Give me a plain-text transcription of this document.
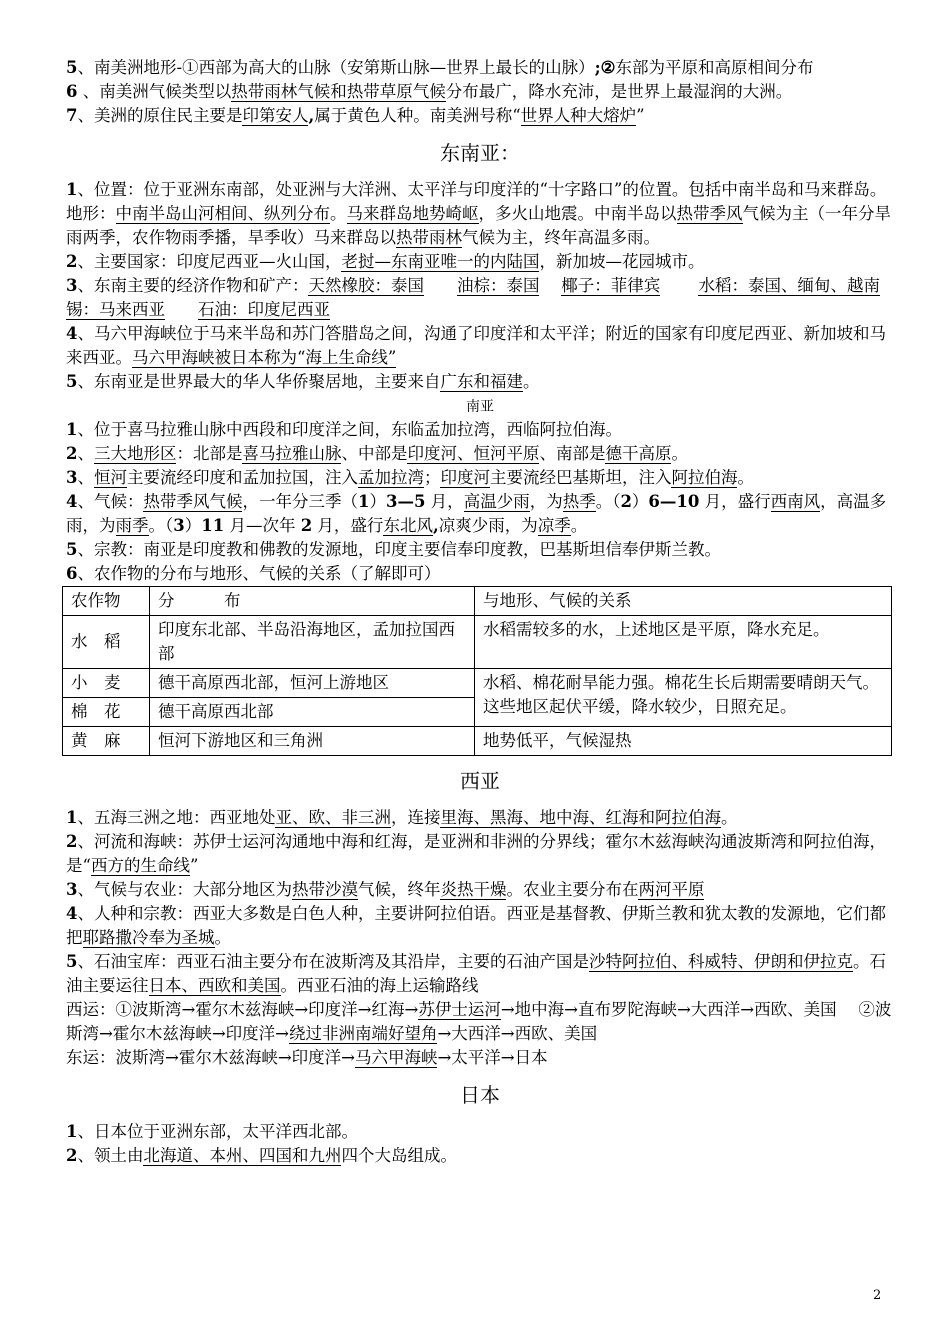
5、南美洲地形-①西部为高大的山脉（安第斯山脉—世界上最长的山脉）;②东部为平原和高原相间分布

6 、南美洲气候类型以热带雨林气候和热带草原气候分布最广，降水充沛，是世界上最湿润的大洲。

7、美洲的原住民主要是印第安人,属于黄色人种。南美洲号称“世界人种大熔炉”

东南亚：

1、位置：位于亚洲东南部，处亚洲与大洋洲、太平洋与印度洋的“十字路口”的位置。包括中南半岛和马来群岛。地形：中南半岛山河相间、纵列分布。马来群岛地势崎岖，多火山地震。中南半岛以热带季风气候为主（一年分旱雨两季，农作物雨季播，旱季收）马来群岛以热带雨林气候为主，终年高温多雨。

2、主要国家：印度尼西亚—火山国，老挝—东南亚唯一的内陆国，新加坡—花园城市。

3、东南主要的经济作物和矿产：天然橡胶：泰国　　 油棕：泰国　 椰子：菲律宾　　 水稻：泰国、缅甸、越南　　　　锡：马来西亚　　 石油：印度尼西亚

4、马六甲海峡位于马来半岛和苏门答腊岛之间，沟通了印度洋和太平洋；附近的国家有印度尼西亚、新加坡和马来西亚。马六甲海峡被日本称为“海上生命线”

5、东南亚是世界最大的华人华侨聚居地，主要来自广东和福建。

南亚

1、位于喜马拉雅山脉中西段和印度洋之间，东临孟加拉湾，西临阿拉伯海。

2、三大地形区：北部是喜马拉雅山脉、中部是印度河、恒河平原、南部是德干高原。

3、恒河主要流经印度和孟加拉国，注入孟加拉湾；印度河主要流经巴基斯坦，注入阿拉伯海。

4、气候：热带季风气候，一年分三季（1）3—5 月，高温少雨，为热季。（2）6—10 月，盛行西南风，高温多雨，为雨季。（3）11 月—次年 2 月，盛行东北风,凉爽少雨，为凉季。

5、宗教：南亚是印度教和佛教的发源地，印度主要信奉印度教，巴基斯坦信奉伊斯兰教。

6、农作物的分布与地形、气候的关系（了解即可）

农作物	分　　　布	与地形、气候的关系
水　稻	印度东北部、半岛沿海地区，孟加拉国西部	水稻需较多的水，上述地区是平原，降水充足。
小　麦	德干高原西北部，恒河上游地区	水稻、棉花耐旱能力强。棉花生长后期需要晴朗天气。这些地区起伏平缓，降水较少，日照充足。
棉　花	德干高原西北部	
黄　麻	恒河下游地区和三角洲	地势低平，气候湿热
西亚

1、五海三洲之地：西亚地处亚、欧、非三洲，连接里海、黑海、地中海、红海和阿拉伯海。

2、河流和海峡：苏伊士运河沟通地中海和红海，是亚洲和非洲的分界线；霍尔木兹海峡沟通波斯湾和阿拉伯海，是“西方的生命线”

3、气候与农业：大部分地区为热带沙漠气候，终年炎热干燥。农业主要分布在两河平原

4、人种和宗教：西亚大多数是白色人种，主要讲阿拉伯语。西亚是基督教、伊斯兰教和犹太教的发源地，它们都把耶路撒冷奉为圣城。

5、石油宝库：西亚石油主要分布在波斯湾及其沿岸，主要的石油产国是沙特阿拉伯、科威特、伊朗和伊拉克。石油主要运往日本、西欧和美国。西亚石油的海上运输路线

西运：①波斯湾→霍尔木兹海峡→印度洋→红海→苏伊士运河→地中海→直布罗陀海峡→大西洋→西欧、美国　 ②波斯湾→霍尔木兹海峡→印度洋→绕过非洲南端好望角→大西洋→西欧、美国

东运：波斯湾→霍尔木兹海峡→印度洋→马六甲海峡→太平洋→日本

日本

1、日本位于亚洲东部，太平洋西北部。

2、领土由北海道、本州、四国和九州四个大岛组成。

2
